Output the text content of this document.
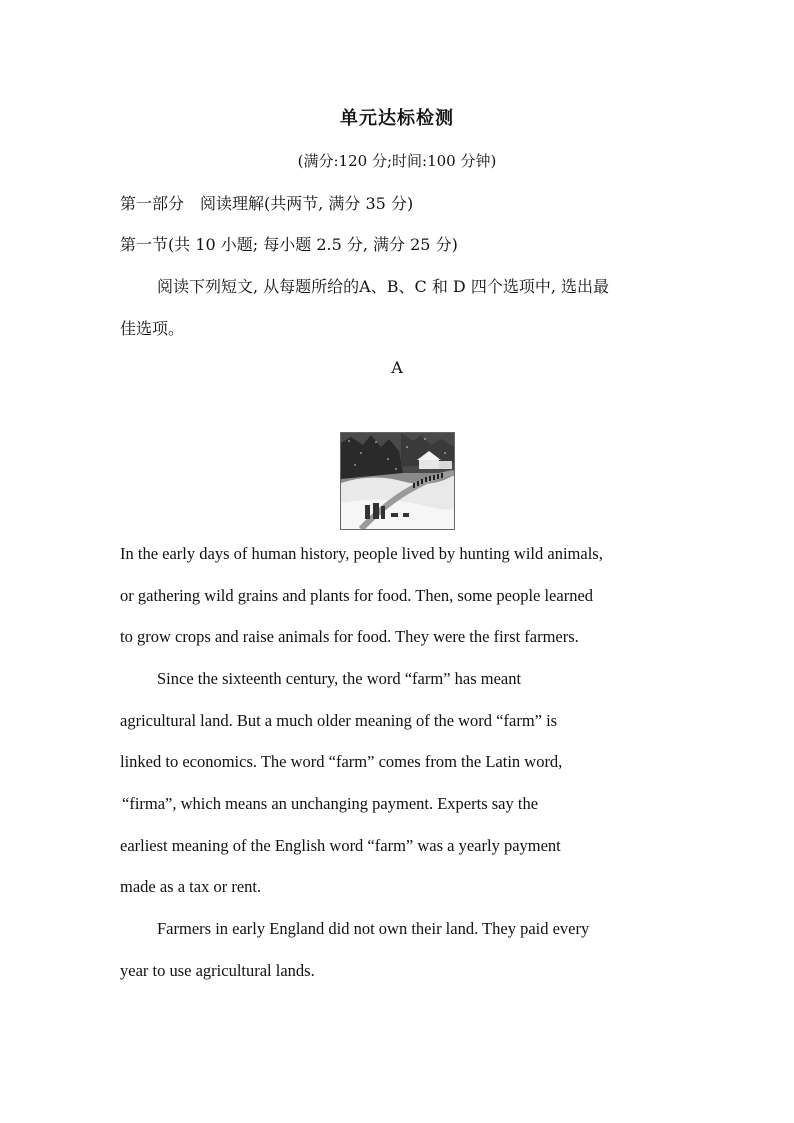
单元达标检测
(满分:120 分;时间:100 分钟)
第一部分　阅读理解(共两节, 满分 35 分)
第一节(共 10 小题; 每小题 2.5 分, 满分 25 分)
阅读下列短文, 从每题所给的A、B、C 和 D 四个选项中, 选出最
佳选项。
A
In the early days of human history, people lived by hunting wild animals,
or gathering wild grains and plants for food. Then, some people learned
to grow crops and raise animals for food. They were the first farmers.
Since the sixteenth century, the word “farm” has meant
agricultural land. But a much older meaning of the word “farm” is
linked to economics. The word “farm” comes from the Latin word,
“firma”, which means an unchanging payment. Experts say the
earliest meaning of the English word “farm” was a yearly payment
made as a tax or rent.
Farmers in early England did not own their land. They paid every
year to use agricultural lands.
